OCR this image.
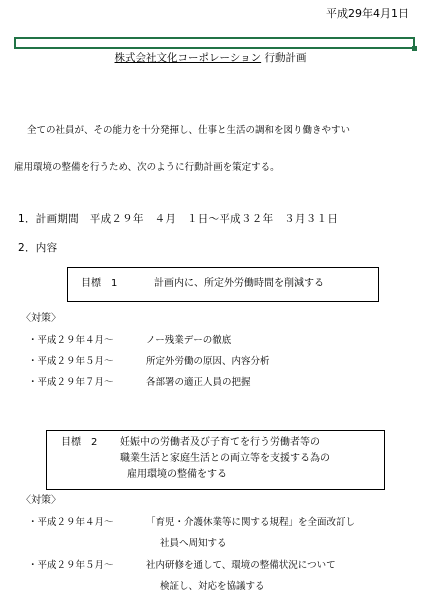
平成29年4月1日
株式会社文化コーポレーション 行動計画
全ての社員が、その能力を十分発揮し、仕事と生活の調和を図り働きやすい
雇用環境の整備を行うため、次のように行動計画を策定する。
1．計画期間　平成２９年　４月　１日～平成３２年　３月３１日
2．内容
目標　1	計画内に、所定外労働時間を削減する
〈対策〉
・平成２９年４月～	ノー残業デーの徹底
・平成２９年５月～	所定外労働の原因、内容分析
・平成２９年７月～	各部署の適正人員の把握
目標　2 妊娠中の労働者及び子育てを行う労働者等の
職業生活と家庭生活との両立等を支援する為の
雇用環境の整備をする
〈対策〉
・平成２９年４月～	「育児・介護休業等に関する規程」を全面改訂し
社員へ周知する
・平成２９年５月～	社内研修を通して、環境の整備状況について
検証し、対応を協議する
